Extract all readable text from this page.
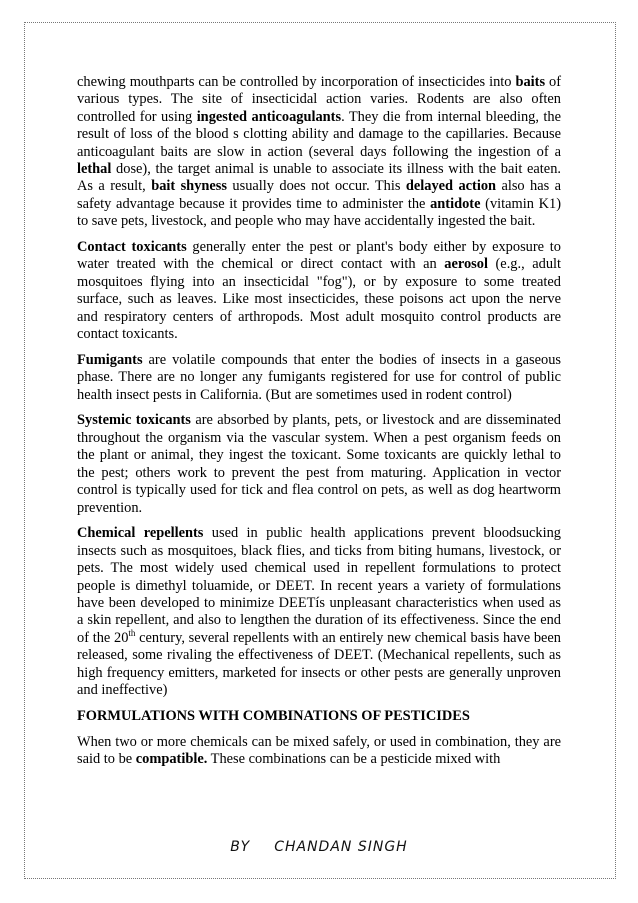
chewing mouthparts can be controlled by incorporation of insecticides into baits of various types. The site of insecticidal action varies. Rodents are also often controlled for using ingested anticoagulants. They die from internal bleeding, the result of loss of the blood s clotting ability and damage to the capillaries. Because anticoagulant baits are slow in action (several days following the ingestion of a lethal dose), the target animal is unable to associate its illness with the bait eaten. As a result, bait shyness usually does not occur. This delayed action also has a safety advantage because it provides time to administer the antidote (vitamin K1) to save pets, livestock, and people who may have accidentally ingested the bait.

Contact toxicants generally enter the pest or plant's body either by exposure to water treated with the chemical or direct contact with an aerosol (e.g., adult mosquitoes flying into an insecticidal "fog"), or by exposure to some treated surface, such as leaves. Like most insecticides, these poisons act upon the nerve and respiratory centers of arthropods. Most adult mosquito control products are contact toxicants.

Fumigants are volatile compounds that enter the bodies of insects in a gaseous phase. There are no longer any fumigants registered for use for control of public health insect pests in California. (But are sometimes used in rodent control)

Systemic toxicants are absorbed by plants, pets, or livestock and are disseminated throughout the organism via the vascular system. When a pest organism feeds on the plant or animal, they ingest the toxicant. Some toxicants are quickly lethal to the pest; others work to prevent the pest from maturing. Application in vector control is typically used for tick and flea control on pets, as well as dog heartworm prevention.

Chemical repellents used in public health applications prevent bloodsucking insects such as mosquitoes, black flies, and ticks from biting humans, livestock, or pets. The most widely used chemical used in repellent formulations to protect people is dimethyl toluamide, or DEET. In recent years a variety of formulations have been developed to minimize DEETís unpleasant characteristics when used as a skin repellent, and also to lengthen the duration of its effectiveness. Since the end of the 20th century, several repellents with an entirely new chemical basis have been released, some rivaling the effectiveness of DEET. (Mechanical repellents, such as high frequency emitters, marketed for insects or other pests are generally unproven and ineffective)

FORMULATIONS WITH COMBINATIONS OF PESTICIDES

When two or more chemicals can be mixed safely, or used in combination, they are said to be compatible. These combinations can be a pesticide mixed with

BY CHANDAN SINGH
